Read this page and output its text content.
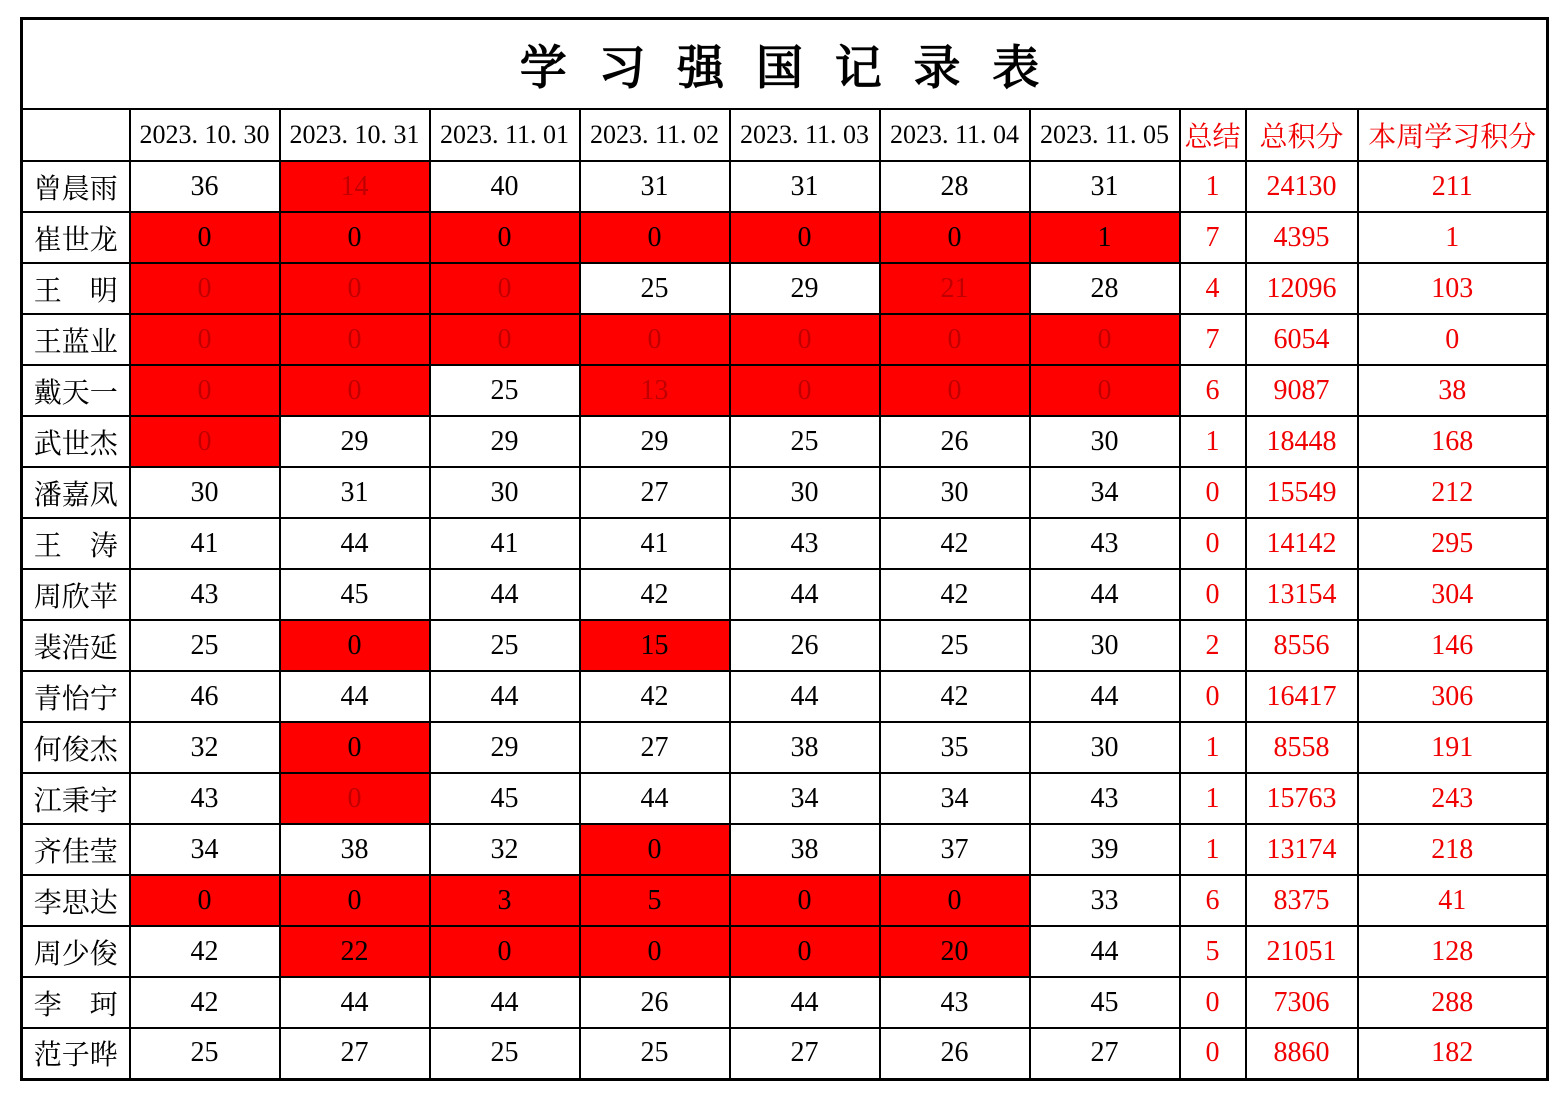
学 习 强 国 记 录 表										
	2023. 10. 30	2023. 10. 31	2023. 11. 01	2023. 11. 02	2023. 11. 03	2023. 11. 04	2023. 11. 05	总结	总积分	本周学习积分
曾晨雨	36	14	40	31	31	28	31	1	24130	211
崔世龙	0	0	0	0	0	0	1	7	4395	1
王　明	0	0	0	25	29	21	28	4	12096	103
王蓝业	0	0	0	0	0	0	0	7	6054	0
戴天一	0	0	25	13	0	0	0	6	9087	38
武世杰	0	29	29	29	25	26	30	1	18448	168
潘嘉凤	30	31	30	27	30	30	34	0	15549	212
王　涛	41	44	41	41	43	42	43	0	14142	295
周欣苹	43	45	44	42	44	42	44	0	13154	304
裴浩延	25	0	25	15	26	25	30	2	8556	146
青怡宁	46	44	44	42	44	42	44	0	16417	306
何俊杰	32	0	29	27	38	35	30	1	8558	191
江秉宇	43	0	45	44	34	34	43	1	15763	243
齐佳莹	34	38	32	0	38	37	39	1	13174	218
李思达	0	0	3	5	0	0	33	6	8375	41
周少俊	42	22	0	0	0	20	44	5	21051	128
李　珂	42	44	44	26	44	43	45	0	7306	288
范子晔	25	27	25	25	27	26	27	0	8860	182
